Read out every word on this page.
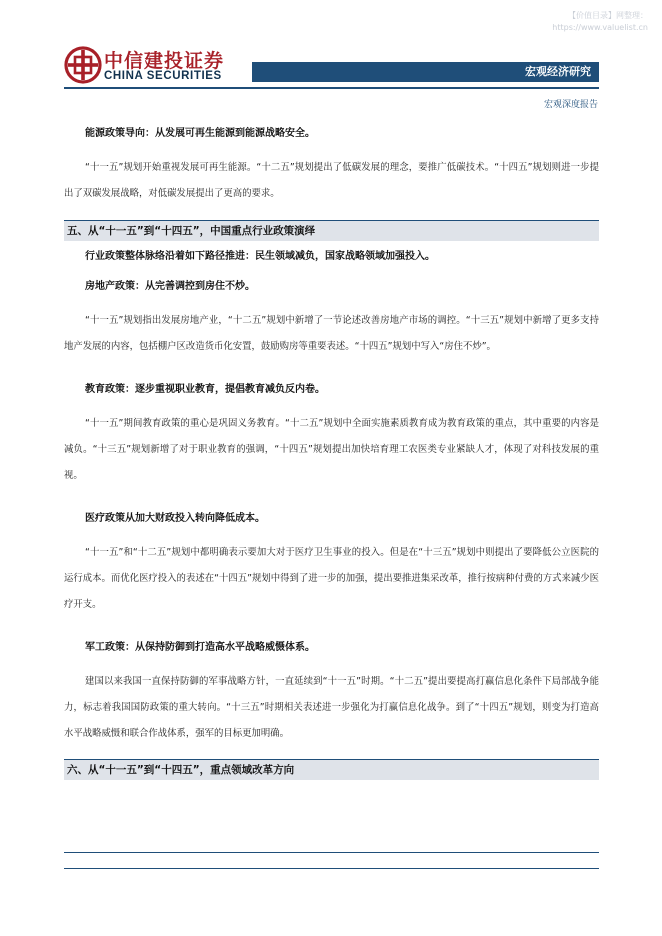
【价值目录】网整理：
https://www.valuelist.cn
中信建投证券
CHINA SECURITIES	宏观经济研究
宏观深度报告

能源政策导向：从发展可再生能源到能源战略安全。

“十一五”规划开始重视发展可再生能源。“十二五”规划提出了低碳发展的理念，要推广低碳技术。“十四五”规划则进一步提出了双碳发展战略，对低碳发展提出了更高的要求。

五、从“十一五”到“十四五”，中国重点行业政策演绎

行业政策整体脉络沿着如下路径推进：民生领域减负，国家战略领域加强投入。

房地产政策：从完善调控到房住不炒。

“十一五”规划指出发展房地产业，“十二五”规划中新增了一节论述改善房地产市场的调控。“十三五”规划中新增了更多支持地产发展的内容，包括棚户区改造货币化安置，鼓励购房等重要表述。“十四五”规划中写入“房住不炒”。

教育政策：逐步重视职业教育，提倡教育减负反内卷。

“十一五”期间教育政策的重心是巩固义务教育。“十二五”规划中全面实施素质教育成为教育政策的重点，其中重要的内容是减负。“十三五”规划新增了对于职业教育的强调，“十四五”规划提出加快培育理工农医类专业紧缺人才，体现了对科技发展的重视。

医疗政策从加大财政投入转向降低成本。

“十一五”和“十二五”规划中都明确表示要加大对于医疗卫生事业的投入。但是在“十三五”规划中则提出了要降低公立医院的运行成本。而优化医疗投入的表述在“十四五”规划中得到了进一步的加强，提出要推进集采改革，推行按病种付费的方式来减少医疗开支。

军工政策：从保持防御到打造高水平战略威慑体系。

建国以来我国一直保持防御的军事战略方针，一直延续到“十一五”时期。“十二五”提出要提高打赢信息化条件下局部战争能力，标志着我国国防政策的重大转向。“十三五”时期相关表述进一步强化为打赢信息化战争。到了“十四五”规划，则变为打造高水平战略威慑和联合作战体系，强军的目标更加明确。

六、从“十一五”到“十四五”，重点领域改革方向
